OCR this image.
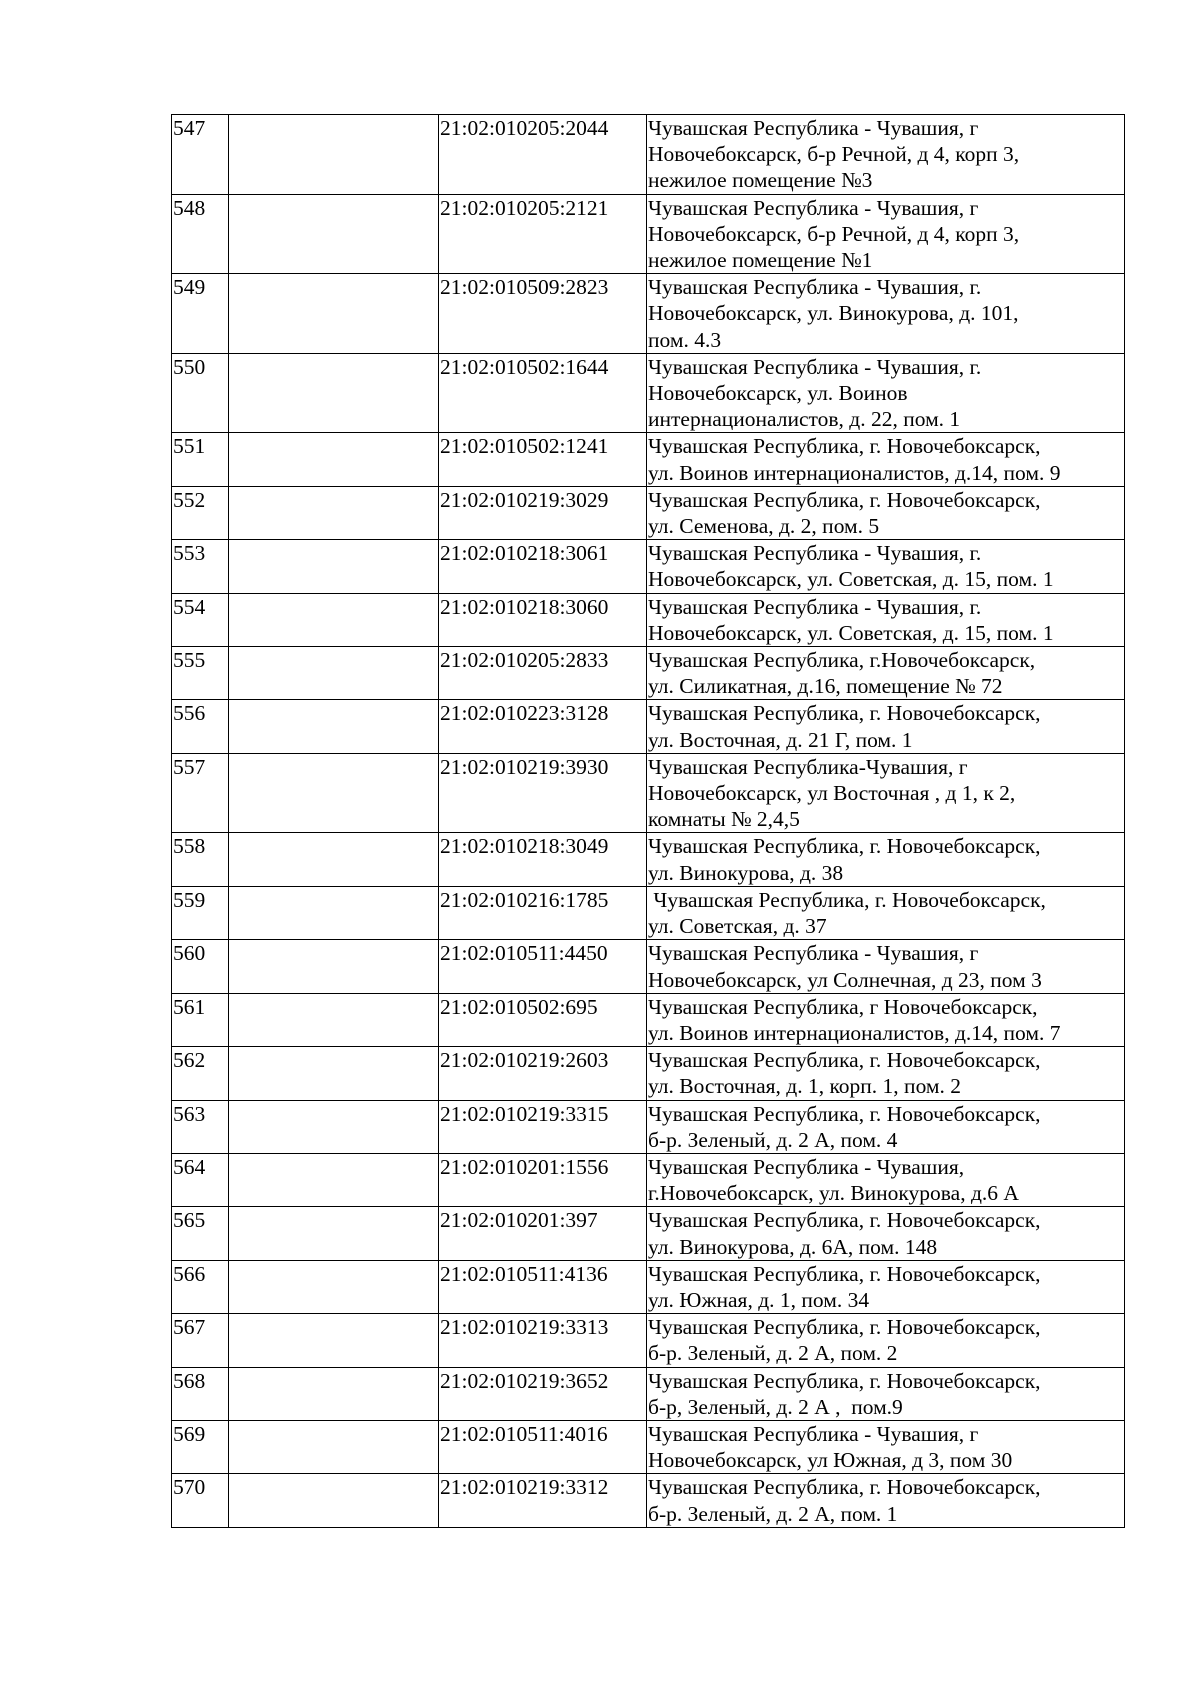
547		21:02:010205:2044	Чувашская Республика - Чувашия, г
Новочебоксарск, б-р Речной, д 4, корп 3,
нежилое помещение №3

548		21:02:010205:2121	Чувашская Республика - Чувашия, г
Новочебоксарск, б-р Речной, д 4, корп 3,
нежилое помещение №1

549		21:02:010509:2823	Чувашская Республика - Чувашия, г.
Новочебоксарск, ул. Винокурова, д. 101,
пом. 4.3

550		21:02:010502:1644	Чувашская Республика - Чувашия, г.
Новочебоксарск, ул. Воинов
интернационалистов, д. 22, пом. 1

551		21:02:010502:1241	Чувашская Республика, г. Новочебоксарск,
ул. Воинов интернационалистов, д.14, пом. 9

552		21:02:010219:3029	Чувашская Республика, г. Новочебоксарск,
ул. Семенова, д. 2, пом. 5

553		21:02:010218:3061	Чувашская Республика - Чувашия, г.
Новочебоксарск, ул. Советская, д. 15, пом. 1

554		21:02:010218:3060	Чувашская Республика - Чувашия, г.
Новочебоксарск, ул. Советская, д. 15, пом. 1

555		21:02:010205:2833	Чувашская Республика, г.Новочебоксарск,
ул. Силикатная, д.16, помещение № 72

556		21:02:010223:3128	Чувашская Республика, г. Новочебоксарск,
ул. Восточная, д. 21 Г, пом. 1

557		21:02:010219:3930	Чувашская Республика-Чувашия, г
Новочебоксарск, ул Восточная , д 1, к 2,
комнаты № 2,4,5

558		21:02:010218:3049	Чувашская Республика, г. Новочебоксарск,
ул. Винокурова, д. 38

559		21:02:010216:1785	Чувашская Республика, г. Новочебоксарск,
ул. Советская, д. 37

560		21:02:010511:4450	Чувашская Республика - Чувашия, г
Новочебоксарск, ул Солнечная, д 23, пом 3

561		21:02:010502:695	Чувашская Республика, г Новочебоксарск,
ул. Воинов интернационалистов, д.14, пом. 7

562		21:02:010219:2603	Чувашская Республика, г. Новочебоксарск,
ул. Восточная, д. 1, корп. 1, пом. 2

563		21:02:010219:3315	Чувашская Республика, г. Новочебоксарск,
б-р. Зеленый, д. 2 А, пом. 4

564		21:02:010201:1556	Чувашская Республика - Чувашия,
г.Новочебоксарск, ул. Винокурова, д.6 А

565		21:02:010201:397	Чувашская Республика, г. Новочебоксарск,
ул. Винокурова, д. 6А, пом. 148

566		21:02:010511:4136	Чувашская Республика, г. Новочебоксарск,
ул. Южная, д. 1, пом. 34

567		21:02:010219:3313	Чувашская Республика, г. Новочебоксарск,
б-р. Зеленый, д. 2 А, пом. 2

568		21:02:010219:3652	Чувашская Республика, г. Новочебоксарск,
б-р, Зеленый, д. 2 А ,  пом.9

569		21:02:010511:4016	Чувашская Республика - Чувашия, г
Новочебоксарск, ул Южная, д 3, пом 30

570		21:02:010219:3312	Чувашская Республика, г. Новочебоксарск,
б-р. Зеленый, д. 2 А, пом. 1
